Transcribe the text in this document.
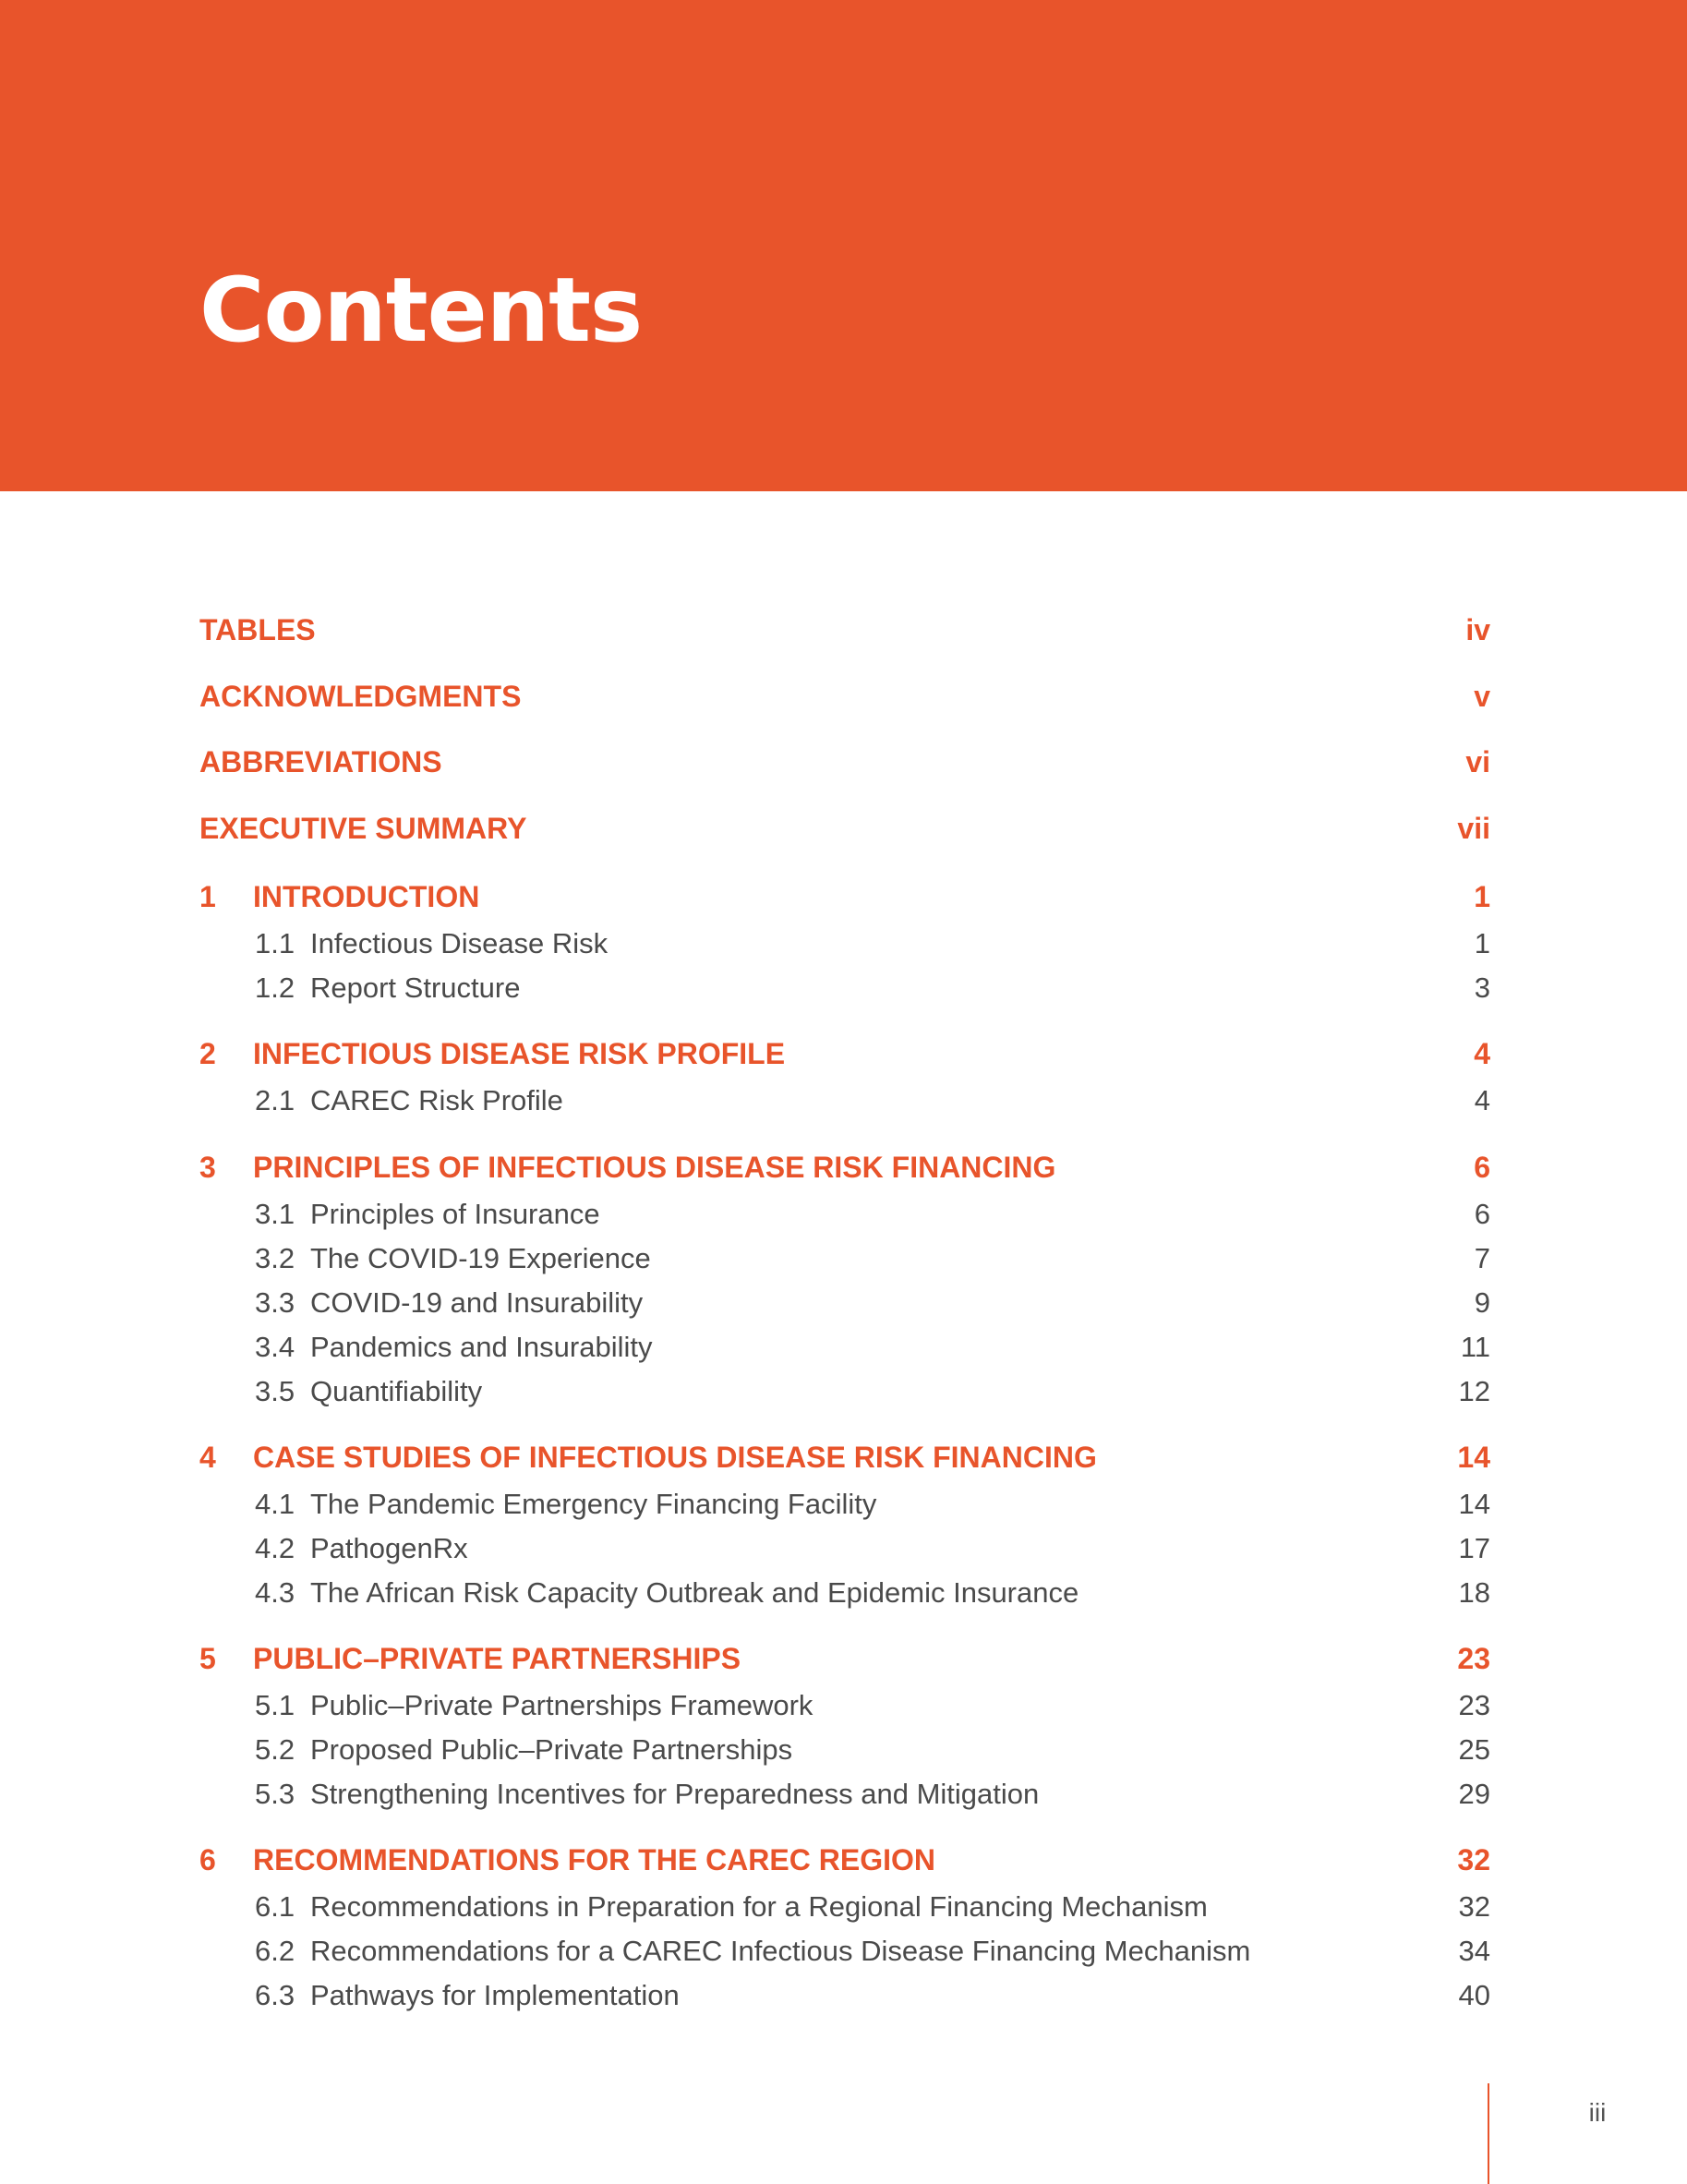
Contents
TABLES	iv
ACKNOWLEDGMENTS	v
ABBREVIATIONS	vi
EXECUTIVE SUMMARY	vii
1	INTRODUCTION	1
1.1 Infectious Disease Risk	1
1.2 Report Structure	3
2	INFECTIOUS DISEASE RISK PROFILE	4
2.1 CAREC Risk Profile	4
3	PRINCIPLES OF INFECTIOUS DISEASE RISK FINANCING	6
3.1 Principles of Insurance	6
3.2 The COVID-19 Experience	7
3.3 COVID-19 and Insurability	9
3.4 Pandemics and Insurability	11
3.5 Quantifiability	12
4	CASE STUDIES OF INFECTIOUS DISEASE RISK FINANCING	14
4.1 The Pandemic Emergency Financing Facility	14
4.2 PathogenRx	17
4.3 The African Risk Capacity Outbreak and Epidemic Insurance	18
5	PUBLIC–PRIVATE PARTNERSHIPS	23
5.1 Public–Private Partnerships Framework	23
5.2 Proposed Public–Private Partnerships	25
5.3 Strengthening Incentives for Preparedness and Mitigation	29
6	RECOMMENDATIONS FOR THE CAREC REGION	32
6.1 Recommendations in Preparation for a Regional Financing Mechanism	32
6.2 Recommendations for a CAREC Infectious Disease Financing Mechanism	34
6.3 Pathways for Implementation	40
iii
